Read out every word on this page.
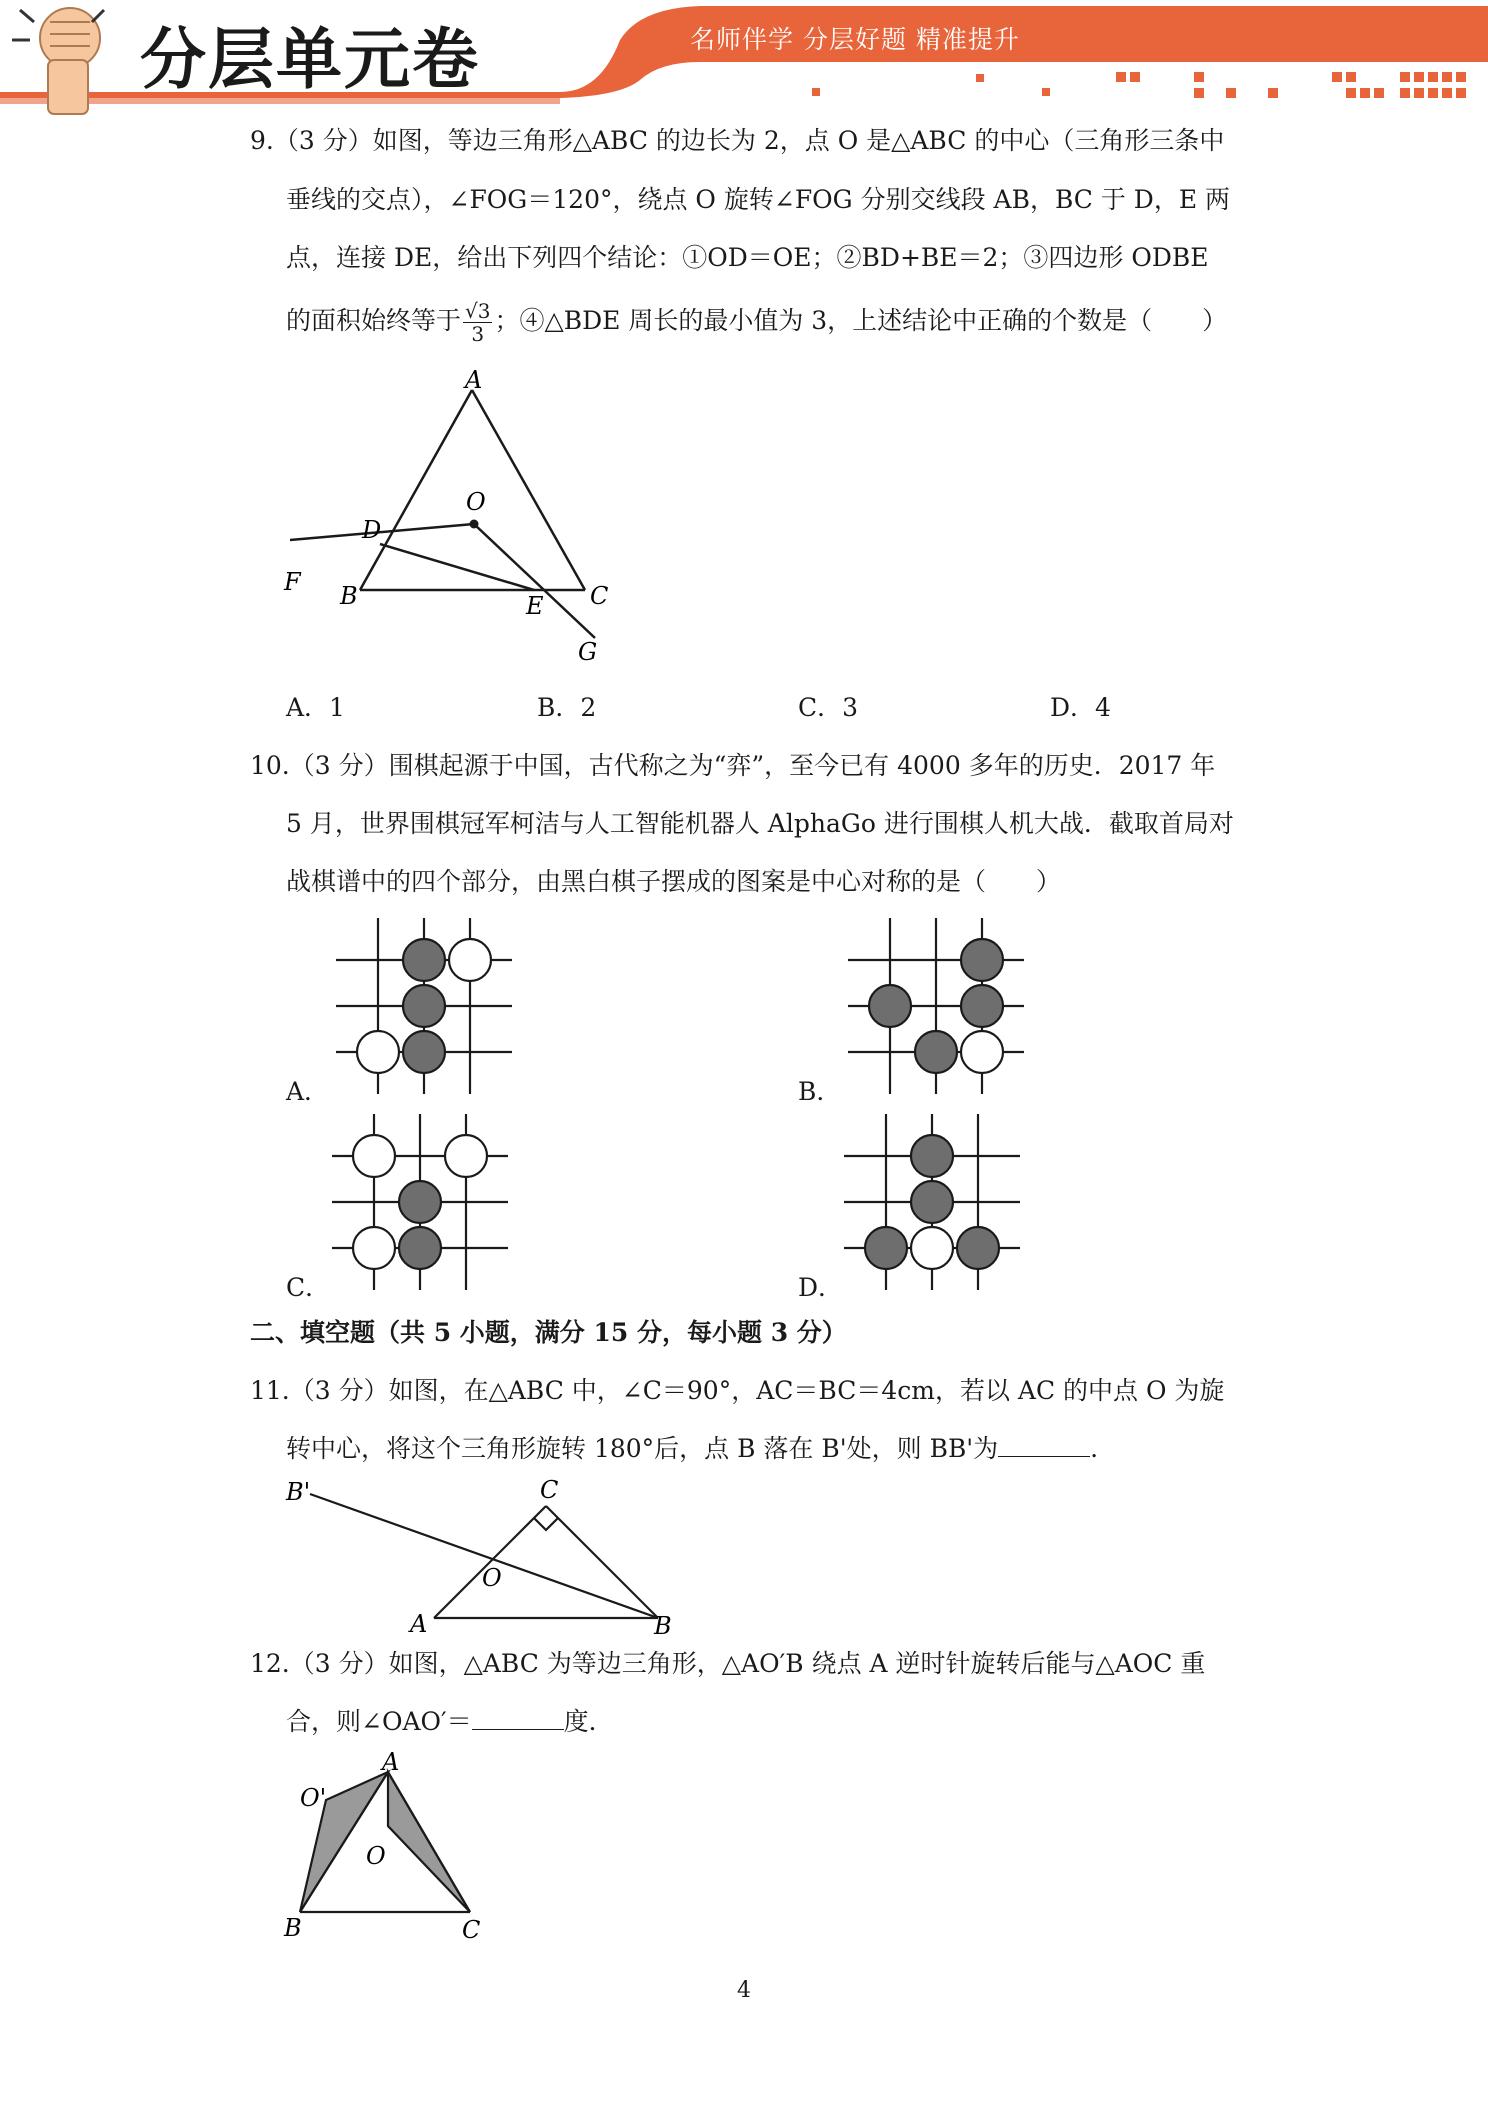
分层单元卷	名师伴学 分层好题 精准提升
9.（3 分）如图，等边三角形△ABC 的边长为 2，点 O 是△ABC 的中心（三角形三条中
垂线的交点），∠FOG＝120°，绕点 O 旋转∠FOG 分别交线段 AB，BC 于 D，E 两
点，连接 DE，给出下列四个结论：①OD＝OE；②BD+BE＝2；③四边形 ODBE
的面积始终等于 $\frac{√3}{3}$ ；④△BDE 周长的最小值为 3，上述结论中正确的个数是（　　）
A
B	C
D
E
F
G
O
A．1	B．2	C．3	D．4
10.（3 分）围棋起源于中国，古代称之为“弈”，至今已有 4000 多年的历史．2017 年
5 月，世界围棋冠军柯洁与人工智能机器人 AlphaGo 进行围棋人机大战．截取首局对
战棋谱中的四个部分，由黑白棋子摆成的图案是中心对称的是（　　）
A．	B．
C．	D．
二、填空题（共 5 小题，满分 15 分，每小题 3 分）
11.（3 分）如图，在△ABC 中，∠C＝90°，AC＝BC＝4cm，若以 AC 的中点 O 为旋
转中心，将这个三角形旋转 180°后，点 B 落在 B'处，则 BB'为	．
B'	C
O
A	B
12.（3 分）如图，△ABC 为等边三角形，△AO′B 绕点 A 逆时针旋转后能与△AOC 重
合，则∠OAO′＝	度．
A
O'
O
B	C
4
